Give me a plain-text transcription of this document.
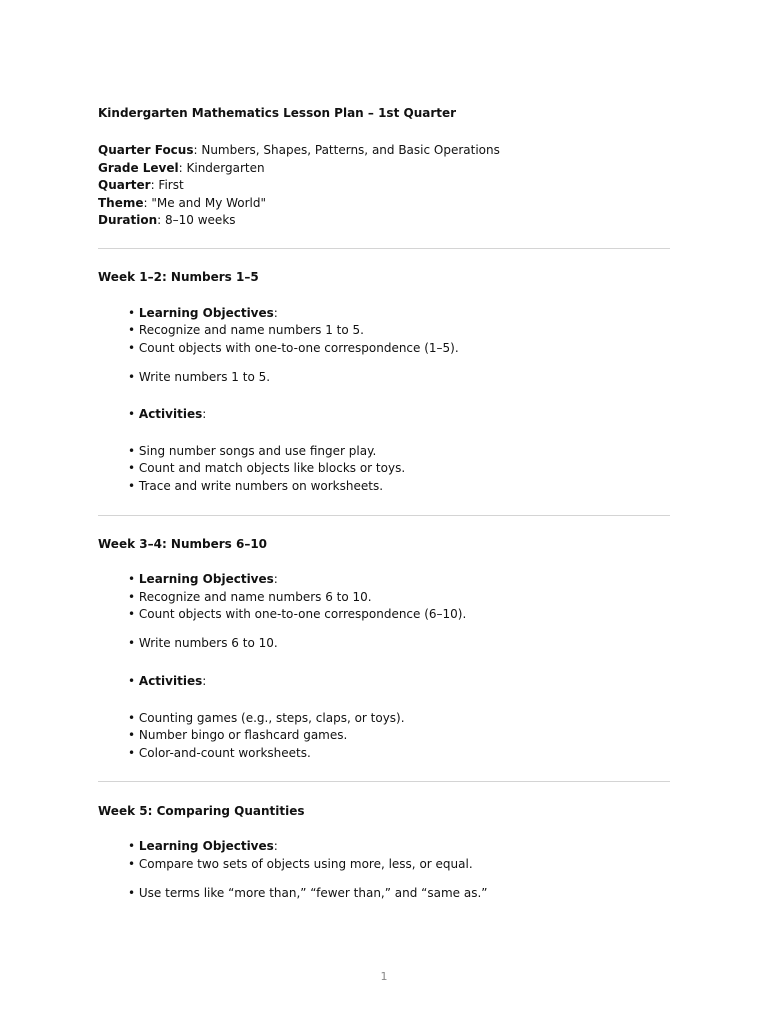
Kindergarten Mathematics Lesson Plan – 1st Quarter
Quarter Focus: Numbers, Shapes, Patterns, and Basic Operations
Grade Level: Kindergarten
Quarter: First
Theme: "Me and My World"
Duration: 8–10 weeks
Week 1–2: Numbers 1–5
• Learning Objectives:
• Recognize and name numbers 1 to 5.
• Count objects with one-to-one correspondence (1–5).
• Write numbers 1 to 5.
• Activities:
• Sing number songs and use finger play.
• Count and match objects like blocks or toys.
• Trace and write numbers on worksheets.
Week 3–4: Numbers 6–10
• Learning Objectives:
• Recognize and name numbers 6 to 10.
• Count objects with one-to-one correspondence (6–10).
• Write numbers 6 to 10.
• Activities:
• Counting games (e.g., steps, claps, or toys).
• Number bingo or flashcard games.
• Color-and-count worksheets.
Week 5: Comparing Quantities
• Learning Objectives:
• Compare two sets of objects using more, less, or equal.
• Use terms like “more than,” “fewer than,” and “same as.”
1
